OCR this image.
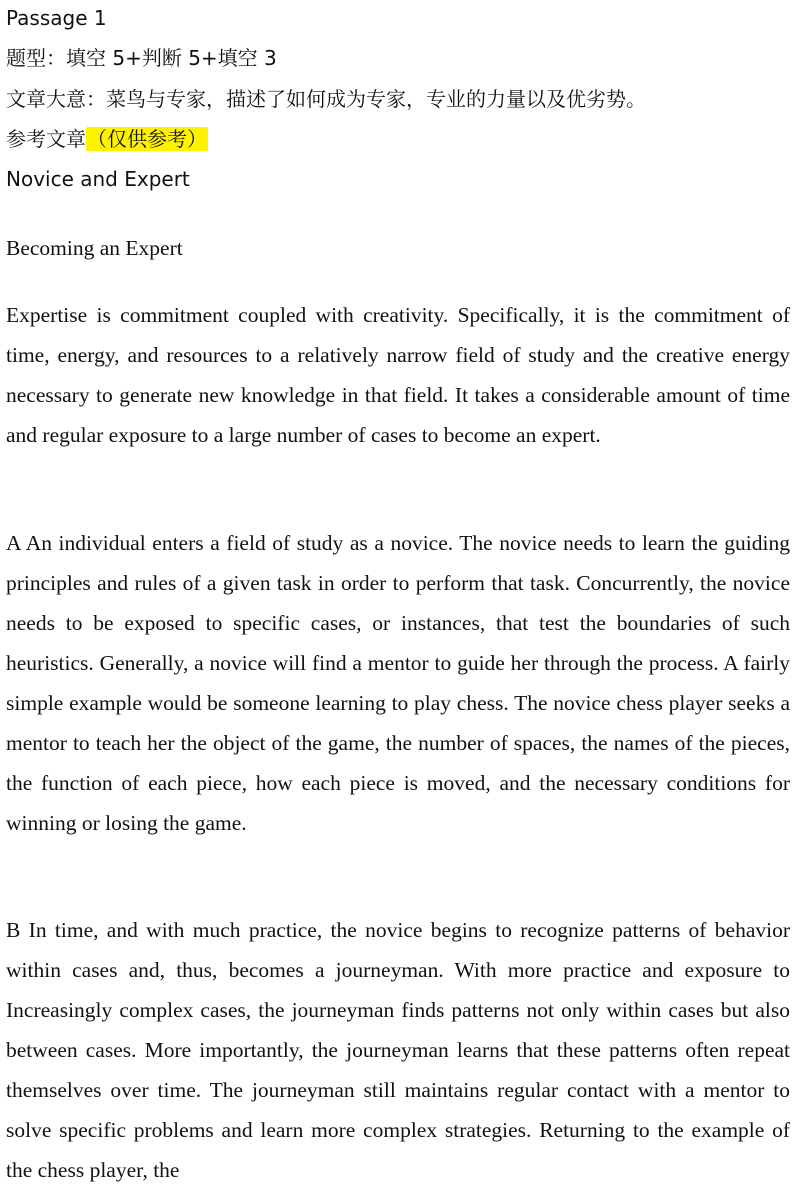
Passage 1
题型：填空 5+判断 5+填空 3
文章大意：菜鸟与专家，描述了如何成为专家，专业的力量以及优劣势。
参考文章（仅供参考）
Novice and Expert
Becoming an Expert

Expertise is commitment coupled with creativity. Specifically, it is the commitment of time, energy, and resources to a relatively narrow field of study and the creative energy necessary to generate new knowledge in that field. It takes a considerable amount of time and regular exposure to a large number of cases to become an expert.

A An individual enters a field of study as a novice. The novice needs to learn the guiding principles and rules of a given task in order to perform that task. Concurrently, the novice needs to be exposed to specific cases, or instances, that test the boundaries of such heuristics. Generally, a novice will find a mentor to guide her through the process. A fairly simple example would be someone learning to play chess. The novice chess player seeks a mentor to teach her the object of the game, the number of spaces, the names of the pieces, the function of each piece, how each piece is moved, and the necessary conditions for winning or losing the game.

B In time, and with much practice, the novice begins to recognize patterns of behavior within cases and, thus, becomes a journeyman. With more practice and exposure to Increasingly complex cases, the journeyman finds patterns not only within cases but also between cases. More importantly, the journeyman learns that these patterns often repeat themselves over time. The journeyman still maintains regular contact with a mentor to solve specific problems and learn more complex strategies. Returning to the example of the chess player, the
